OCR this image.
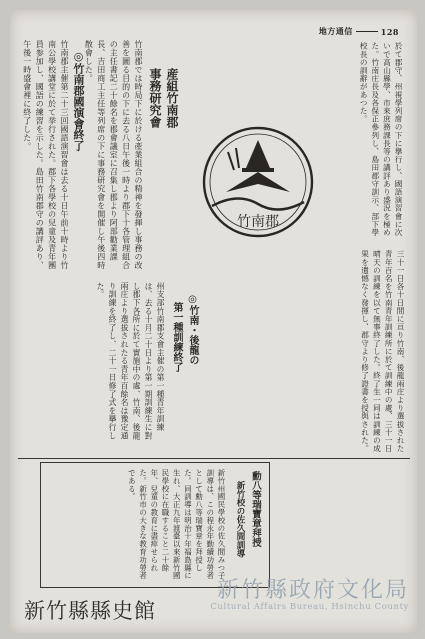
地方通信	128
於て郡守、州視學列席の下に擧行し、國語演習會に次いで高山縣學、市來庶務課長等の講評あり盛況を極めた。竹南庄長及各保正參列し、島田郡守訓示、部下學校長の訓辭があつた。
三十一日各十日間に亘り竹南、後龍兩庄より選拔された青年百名を竹南青年訓練所に於て訓練中の處、三十一日晴天の訓練を以て無事終了した。終了生一同は訓練の成果を遺憾なく發揮し、郡守より修了證書を授與された。
竹南郡
産組竹南郡
事務研究會
竹南郡では時局下に於ける產業組合の精神を發揮し事務の改善を圖る目的の下に去る八日午後一時より郡下十各管理組合の主任書記二十餘名を郡會議室に召集し郡より阿部勸業課長、吉田商工主任等列席の下に事務研究會を開催し午後四時散會した。
◎竹南郡國演會終了
竹南郡主催第二十三回國語演習會は去る十日午前十時より竹南公學校講堂に於て挙行された。郡下各學校の兒童及青年團員参加し、國語の練習を示した。島田竹南郡守の講評あり、午後一時盛會裡に終了した。
◎竹南・後龍の
第一種訓練終了
州支部竹南郡支會主催の第一種青年訓練は、去る十月二十日より第一期訓練生に對し郡下各所に於て實施中の處、竹南、後龍兩庄より選拔されたる青年百餘名は豫定通り訓練を終了し、二十一日修了式を擧行した。
勳八等瑞寶章拜授
新竹校の佐久間訓導
新竹州國民學校の佐久間みつ子訓導は、この程永年勤續功勞者として勳八等瑞寶章を拜授した。同訓導は明治十年福島縣に生れ、大正九年渡臺以來新竹國民學校に在職すること二十餘年、兒童の教育に盡瘁せられた。新竹市の大きな教育功勞者である。
新竹縣縣史館
新竹縣政府文化局
Cultural Affairs Bureau, Hsinchu County
